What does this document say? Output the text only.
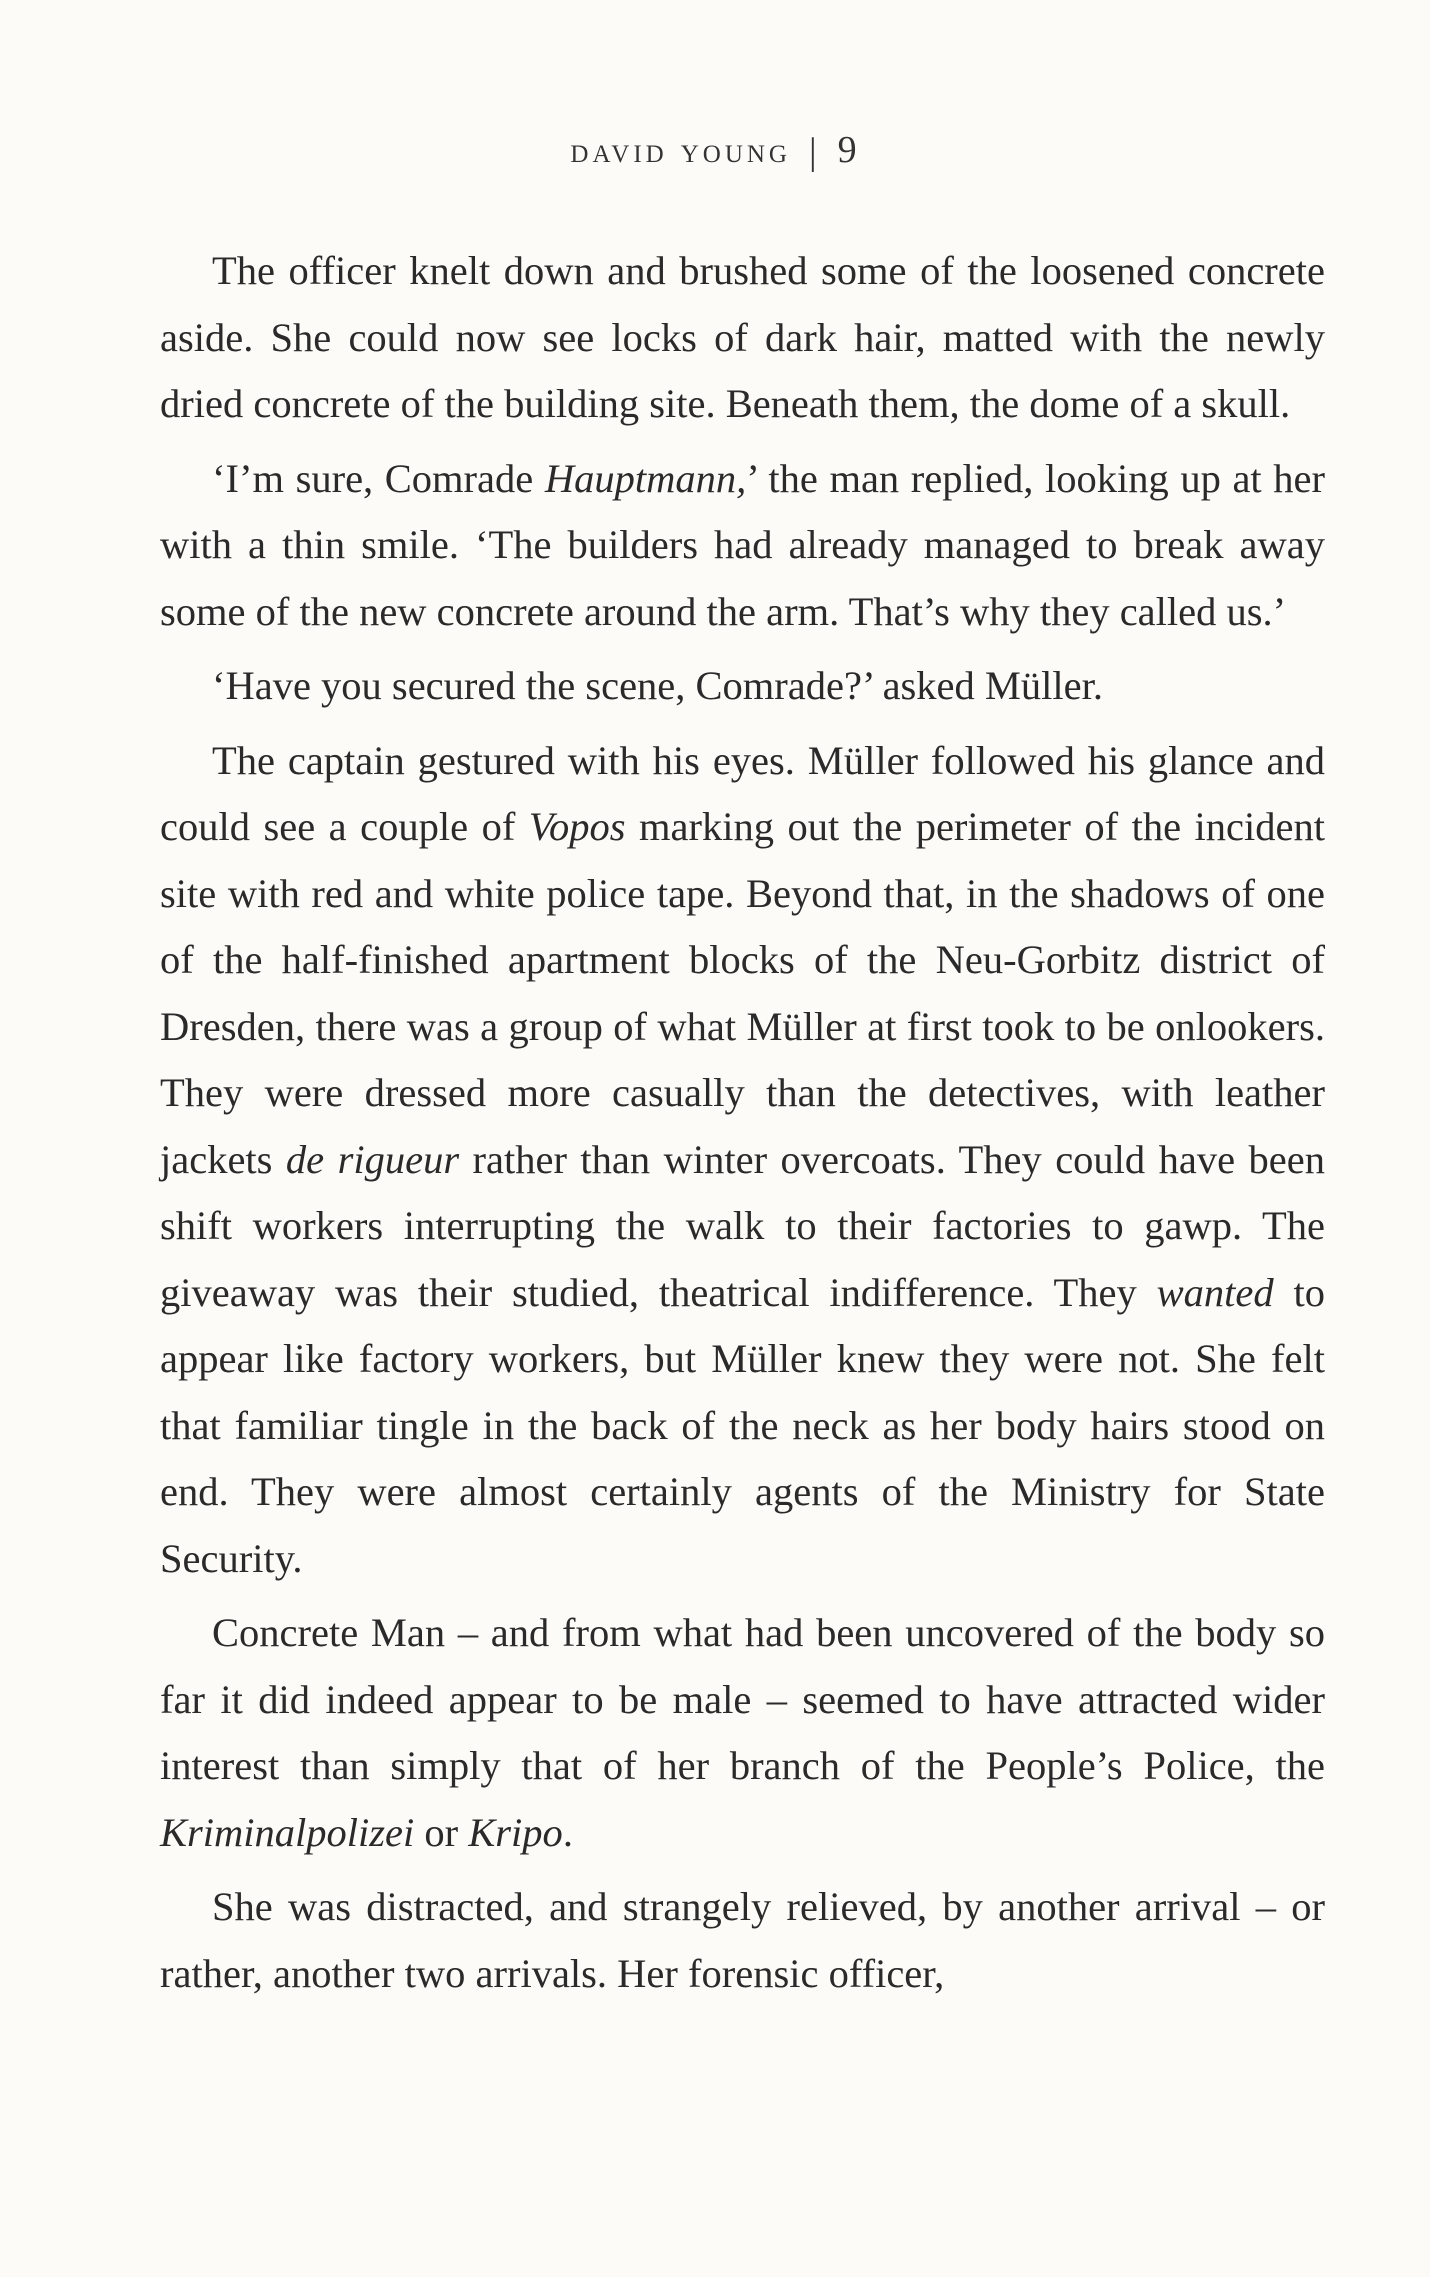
david young | 9

The officer knelt down and brushed some of the loosened concrete aside. She could now see locks of dark hair, matted with the newly dried concrete of the building site. Beneath them, the dome of a skull.

‘I’m sure, Comrade Hauptmann,’ the man replied, looking up at her with a thin smile. ‘The builders had already managed to break away some of the new concrete around the arm. That’s why they called us.’

‘Have you secured the scene, Comrade?’ asked Müller.

The captain gestured with his eyes. Müller followed his glance and could see a couple of Vopos marking out the perimeter of the incident site with red and white police tape. Beyond that, in the shadows of one of the half-finished apartment blocks of the Neu-Gorbitz district of Dresden, there was a group of what Müller at first took to be onlookers. They were dressed more casually than the detectives, with leather jackets de rigueur rather than winter overcoats. They could have been shift workers interrupting the walk to their factories to gawp. The giveaway was their studied, theatrical indifference. They wanted to appear like factory workers, but Müller knew they were not. She felt that familiar tingle in the back of the neck as her body hairs stood on end. They were almost certainly agents of the Ministry for State Security.

Concrete Man – and from what had been uncovered of the body so far it did indeed appear to be male – seemed to have attracted wider interest than simply that of her branch of the People’s Police, the Kriminalpolizei or Kripo.

She was distracted, and strangely relieved, by another arrival – or rather, another two arrivals. Her forensic officer,
